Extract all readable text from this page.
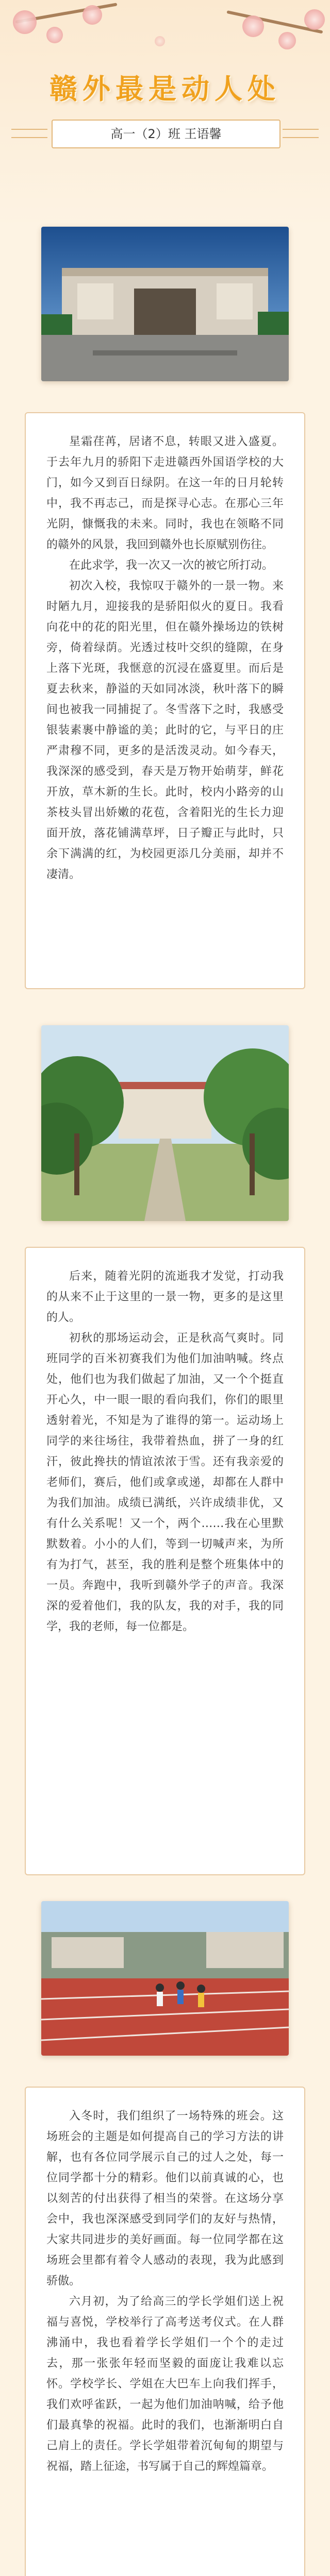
赣外最是动人处
高一（2）班 王语馨

星霜荏苒，居诸不息，转眼又进入盛夏。于去年九月的骄阳下走进赣西外国语学校的大门，如今又到百日绿阴。在这一年的日月轮转中，我不再志己，而是探寻心志。在那心三年光阴，慷慨我的未来。同时，我也在领略不同的赣外的风景，我回到赣外也长原赋别伤往。

在此求学，我一次又一次的被它所打动。

初次入校，我惊叹于赣外的一景一物。来时陋九月，迎接我的是骄阳似火的夏日。我看向花中的花的阳光里，但在赣外操场边的铁树旁，倚着绿荫。光透过枝叶交织的缝隙，在身上落下光斑，我惬意的沉浸在盛夏里。而后是夏去秋来，静溢的天如同冰淡，秋叶落下的瞬间也被我一同捕捉了。冬雪落下之时，我感受银装素裹中静谧的美；此时的它，与平日的庄严肃穆不同，更多的是活泼灵动。如今春天，我深深的感受到，春天是万物开始萌芽，鲜花开放，草木新的生长。此时，校内小路旁的山茶枝头冒出娇嫩的花苞，含着阳光的生长力迎面开放，落花铺满草坪，日子瓣正与此时，只余下满满的红，为校园更添几分美丽，却并不凄清。

后来，随着光阴的流逝我才发觉，打动我的从来不止于这里的一景一物，更多的是这里的人。

初秋的那场运动会，正是秋高气爽时。同班同学的百米初赛我们为他们加油呐喊。终点处，他们也为我们做起了加油，又一个个挺直开心久，中一眼一眼的看向我们，你们的眼里透射着光，不知是为了谁得的第一。运动场上同学的来往场往，我带着热血，拼了一身的红汗，彼此搀扶的情谊浓浓于雪。还有我亲爱的老师们，赛后，他们或拿或递，却都在人群中为我们加油。成绩已满纸，兴许成绩非优，又有什么关系呢！又一个，两个……我在心里默默数着。小小的人们，等到一切喊声来，为所有为打气，甚至，我的胜利是整个班集体中的一员。奔跑中，我听到赣外学子的声音。我深深的爱着他们，我的队友，我的对手，我的同学，我的老师，每一位都是。

入冬时，我们组织了一场特殊的班会。这场班会的主题是如何提高自己的学习方法的讲解，也有各位同学展示自己的过人之处，每一位同学都十分的精彩。他们以前真诚的心，也以刻苦的付出获得了相当的荣誉。在这场分享会中，我也深深感受到同学们的友好与热情，大家共同进步的美好画面。每一位同学都在这场班会里都有着令人感动的表现，我为此感到骄傲。

六月初，为了给高三的学长学姐们送上祝福与喜悦，学校举行了高考送考仪式。在人群沸涌中，我也看着学长学姐们一个个的走过去，那一张张年轻而坚毅的面庞让我难以忘怀。学校学长、学姐在大巴车上向我们挥手，我们欢呼雀跃，一起为他们加油呐喊，给予他们最真挚的祝福。此时的我们，也渐渐明白自己肩上的责任。学长学姐带着沉甸甸的期望与祝福，踏上征途，书写属于自己的辉煌篇章。
